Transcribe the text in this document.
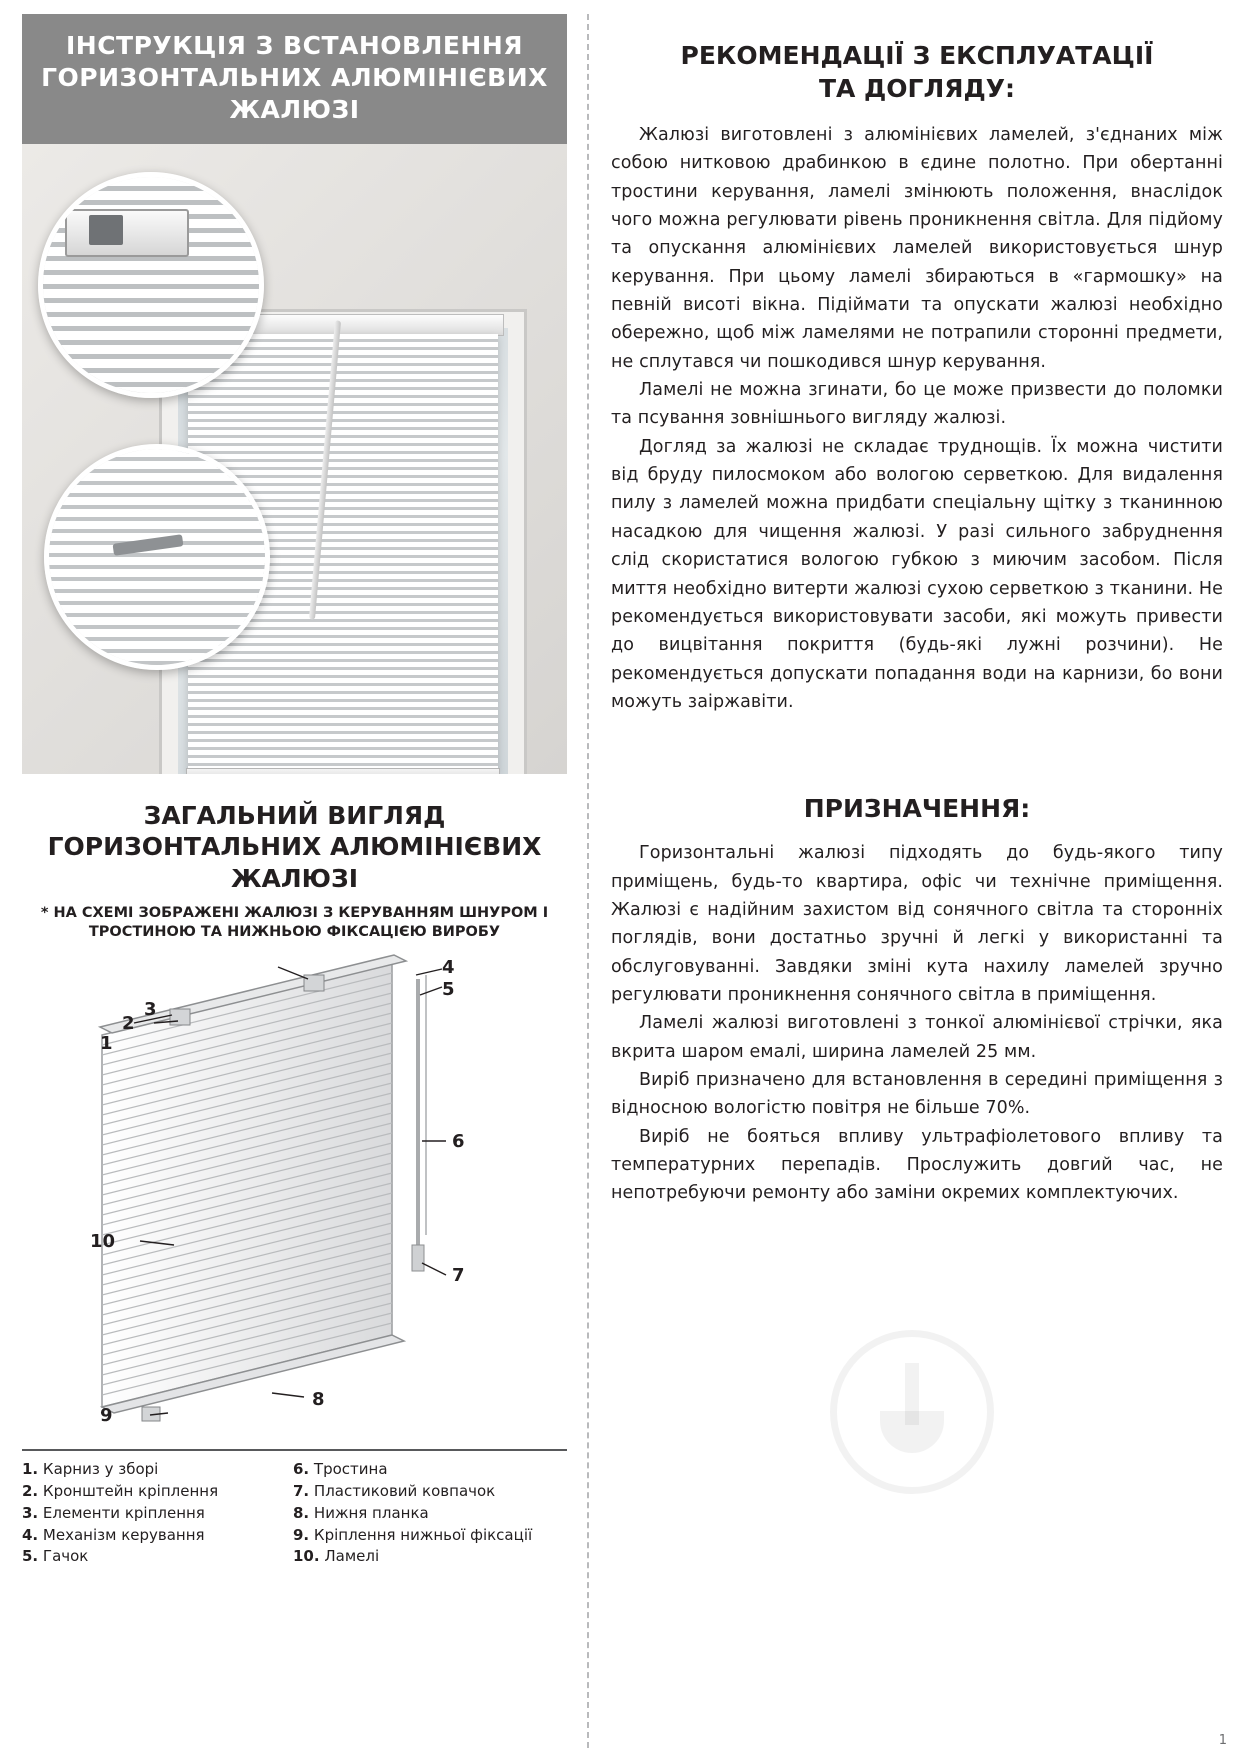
ІНСТРУКЦІЯ З ВСТАНОВЛЕННЯ
ГОРИЗОНТАЛЬНИХ АЛЮМІНІЄВИХ
ЖАЛЮЗІ
ЗАГАЛЬНИЙ ВИГЛЯД
ГОРИЗОНТАЛЬНИХ АЛЮМІНІЄВИХ
ЖАЛЮЗІ
* НА СХЕМІ ЗОБРАЖЕНІ ЖАЛЮЗІ З КЕРУВАННЯМ ШНУРОМ І
ТРОСТИНОЮ ТА НИЖНЬОЮ ФІКСАЦІЄЮ ВИРОБУ
3
4
5
1
2
6
7
10
9
8
1. Карниз у зборі
2. Кронштейн кріплення
3. Елементи кріплення
4. Механізм керування
5. Гачок
6. Тростина
7. Пластиковий ковпачок
8. Нижня планка
9. Кріплення нижньої фіксації
10. Ламелі
РЕКОМЕНДАЦІЇ З ЕКСПЛУАТАЦІЇ
ТА ДОГЛЯДУ:

Жалюзі виготовлені з алюмінієвих ламелей, з'єднаних між собою нитковою драбинкою в єдине полотно. При обертанні тростини керування, ламелі змінюють положення, внаслідок чого можна регулювати рівень проникнення світла. Для підйому та опускання алюмінієвих ламелей використовується шнур керування. При цьому ламелі збираються в «гармошку» на певній висоті вікна. Підіймати та опускати жалюзі необхідно обережно, щоб між ламелями не потрапили сторонні предмети, не сплутався чи пошкодився шнур керування.

Ламелі не можна згинати, бо це може призвести до поломки та псування зовнішнього вигляду жалюзі.

Догляд за жалюзі не складає труднощів. Їх можна чистити від бруду пилосмоком або вологою серветкою. Для видалення пилу з ламелей можна придбати спеціальну щітку з тканинною насадкою для чищення жалюзі. У разі сильного забруднення слід скористатися вологою губкою з миючим засобом. Після миття необхідно витерти жалюзі сухою серветкою з тканини. Не рекомендується використовувати засоби, які можуть привести до вицвітання покриття (будь-які лужні розчини). Не рекомендується допускати попадання води на карнизи, бо вони можуть заіржавіти.

ПРИЗНАЧЕННЯ:

Горизонтальні жалюзі підходять до будь-якого типу приміщень, будь-то квартира, офіс чи технічне приміщення. Жалюзі є надійним захистом від сонячного світла та сторонніх поглядів, вони достатньо зручні й легкі у використанні та обслуговуванні. Завдяки зміні кута нахилу ламелей зручно регулювати проникнення сонячного світла в приміщення.

Ламелі жалюзі виготовлені з тонкої алюмінієвої стрічки, яка вкрита шаром емалі, ширина ламелей 25 мм.

Виріб призначено для встановлення в середині приміщення з відносною вологістю повітря не більше 70%.

Виріб не бояться впливу ультрафіолетового впливу та температурних перепадів. Прослужить довгий час, не непотребуючи ремонту або заміни окремих комплектуючих.

1
